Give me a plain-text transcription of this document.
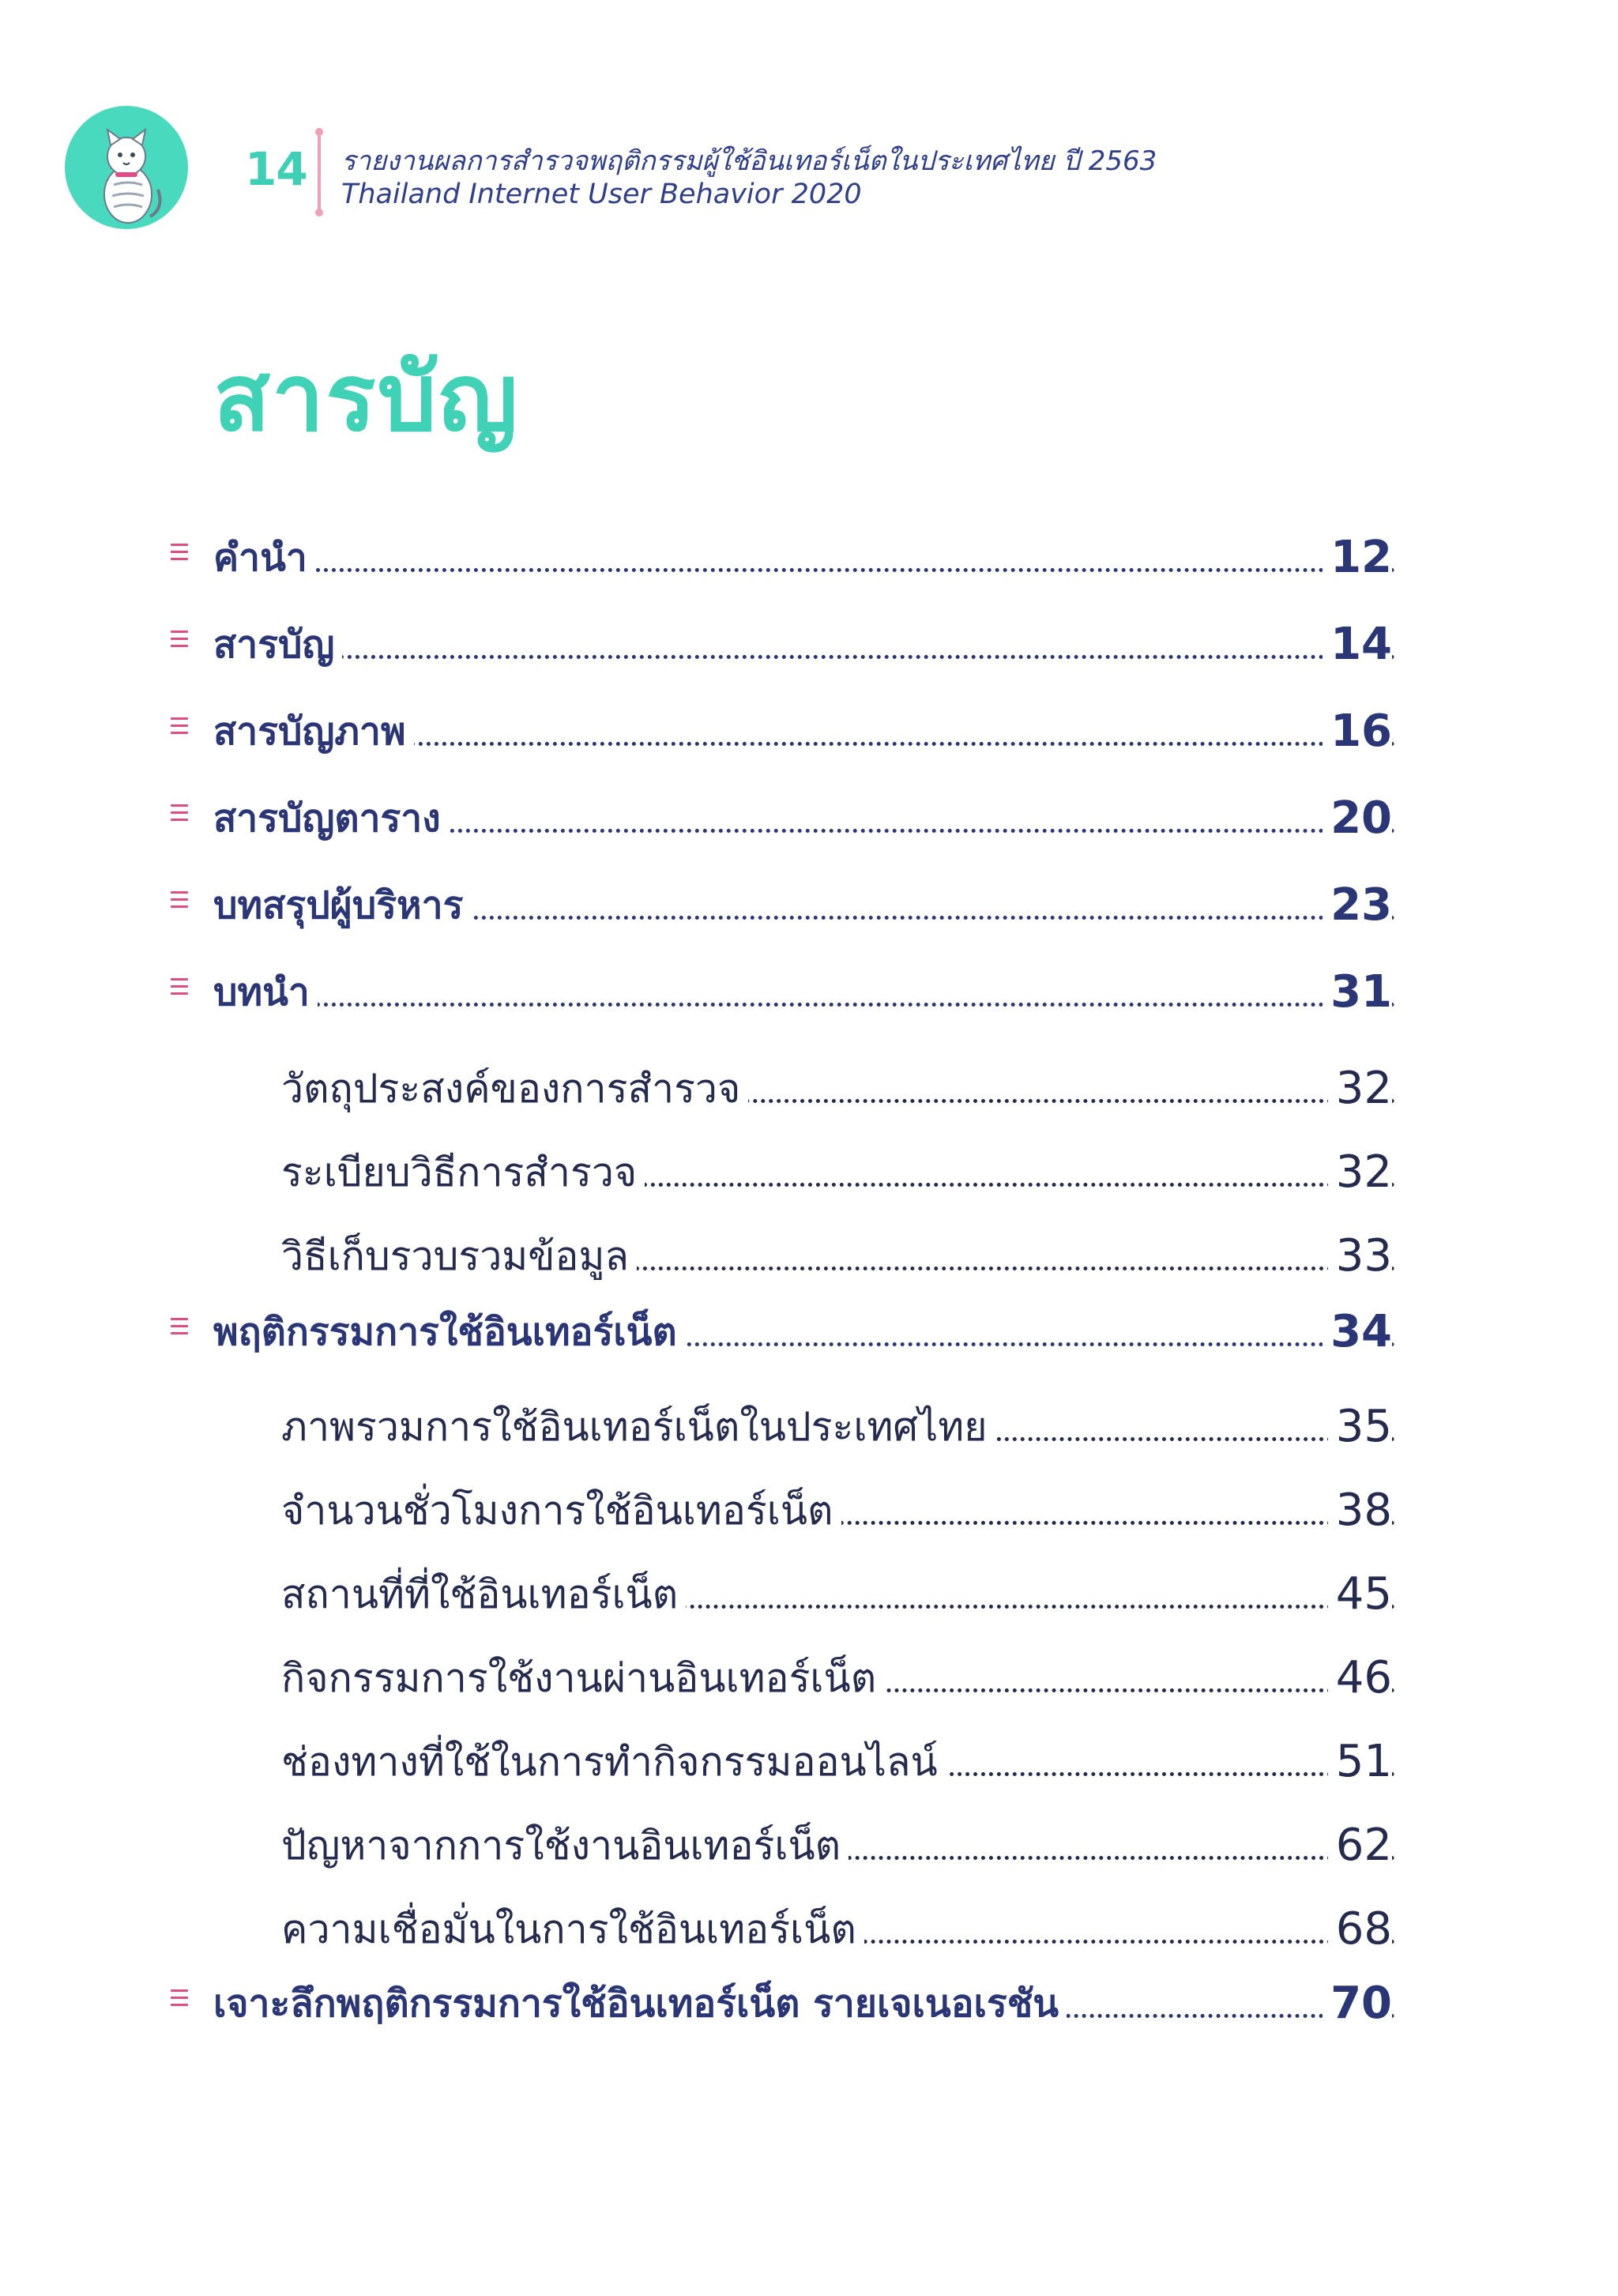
14 รายงานผลการสำรวจพฤติกรรมผู้ใช้อินเทอร์เน็ตในประเทศไทย ปี 2563
Thailand Internet User Behavior 2020
สารบัญ
คำนำ	12
สารบัญ	14
สารบัญภาพ	16
สารบัญตาราง	20
บทสรุปผู้บริหาร	23
บทนำ	31
วัตถุประสงค์ของการสำรวจ	32
ระเบียบวิธีการสำรวจ	32
วิธีเก็บรวบรวมข้อมูล	33
พฤติกรรมการใช้อินเทอร์เน็ต	34
ภาพรวมการใช้อินเทอร์เน็ตในประเทศไทย	35
จำนวนชั่วโมงการใช้อินเทอร์เน็ต	38
สถานที่ที่ใช้อินเทอร์เน็ต	45
กิจกรรมการใช้งานผ่านอินเทอร์เน็ต	46
ช่องทางที่ใช้ในการทำกิจกรรมออนไลน์	51
ปัญหาจากการใช้งานอินเทอร์เน็ต	62
ความเชื่อมั่นในการใช้อินเทอร์เน็ต	68
เจาะลึกพฤติกรรมการใช้อินเทอร์เน็ต รายเจเนอเรชัน	70
